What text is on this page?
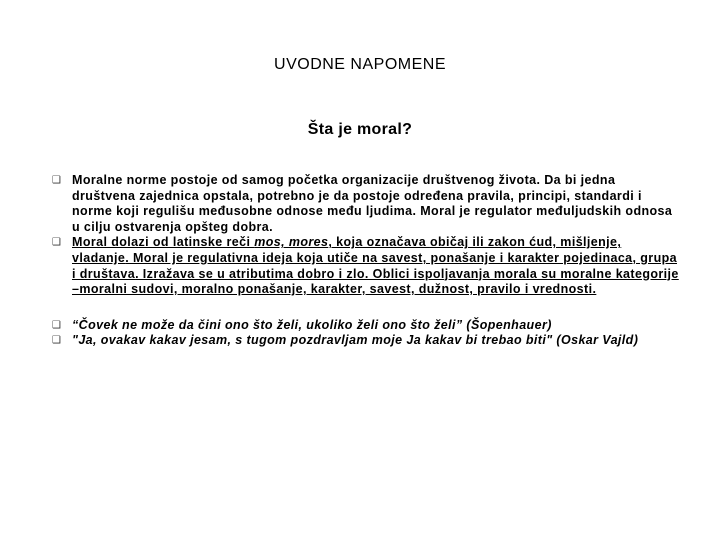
UVODNE NAPOMENE
Šta je moral?
❑ Moralne norme postoje od samog početka organizacije društvenog života. Da bi jedna društvena zajednica opstala, potrebno je da postoje određena pravila, principi, standardi i norme koji regulišu međusobne odnose među ljudima. Moral je regulator međuljudskih odnosa u cilju ostvarenja opšteg dobra.
❑ Moral dolazi od latinske reči mos, mores, koja označava običaj ili zakon ćud, mišljenje, vladanje. Moral je regulativna ideja koja utiče na savest, ponašanje i karakter pojedinaca, grupa i društava. Izražava se u atributima dobro i zlo. Oblici ispoljavanja morala su moralne kategorije –moralni sudovi, moralno ponašanje, karakter, savest, dužnost, pravilo i vrednosti.
❑ “Čovek ne može da čini ono što želi, ukoliko želi ono što želi” (Šopenhauer)
❑ "Ja, ovakav kakav jesam, s tugom pozdravljam moje Ja kakav bi trebao biti" (Oskar Vajld)
